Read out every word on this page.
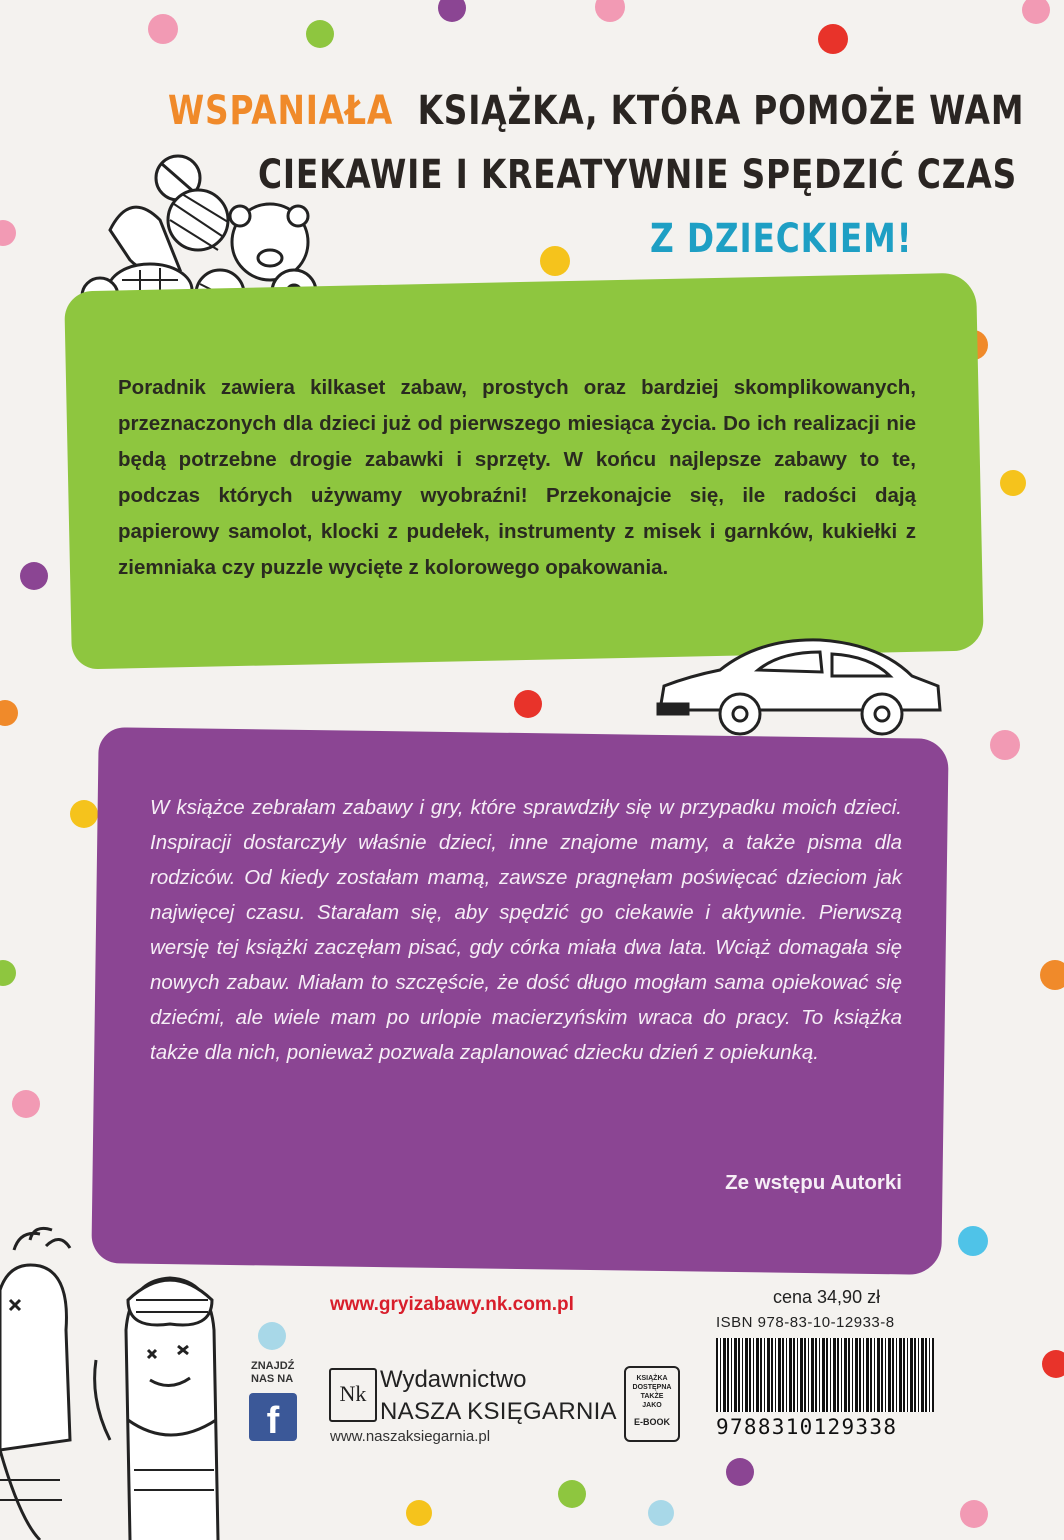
WSPANIAŁA KSIĄŻKA, KTÓRA POMOŻE WAM
CIEKAWIE I KREATYWNIE SPĘDZIĆ CZAS
Z DZIECKIEM!
Poradnik zawiera kilkaset zabaw, prostych oraz bardziej skomplikowanych, przeznaczonych dla dzieci już od pierwszego miesiąca życia. Do ich realizacji nie będą potrzebne drogie zabawki i sprzęty. W końcu najlepsze zabawy to te, podczas których używamy wyobraźni! Przekonajcie się, ile radości dają papierowy samolot, klocki z pudełek, instrumenty z misek i garnków, kukiełki z ziemniaka czy puzzle wycięte z kolorowego opakowania.
W książce zebrałam zabawy i gry, które sprawdziły się w przypadku moich dzieci. Inspiracji dostarczyły właśnie dzieci, inne znajome mamy, a także pisma dla rodziców. Od kiedy zostałam mamą, zawsze pragnęłam poświęcać dzieciom jak najwięcej czasu. Starałam się, aby spędzić go ciekawie i aktywnie. Pierwszą wersję tej książki zaczęłam pisać, gdy córka miała dwa lata. Wciąż domagała się nowych zabaw. Miałam to szczęście, że dość długo mogłam sama opiekować się dziećmi, ale wiele mam po urlopie macierzyńskim wraca do pracy. To książka także dla nich, ponieważ pozwala zaplanować dziecku dzień z opiekunką.
Ze wstępu Autorki
www.gryizabawy.nk.com.pl	cena 34,90 zł
ISBN 978-83-10-12933-8
9788310129338
ZNAJDŹ
NAS NA
f
Nk
Wydawnictwo
NASZA KSIĘGARNIA
www.naszaksiegarnia.pl
KSIĄŻKA
DOSTĘPNA
TAKŻE
JAKO
E-BOOK
